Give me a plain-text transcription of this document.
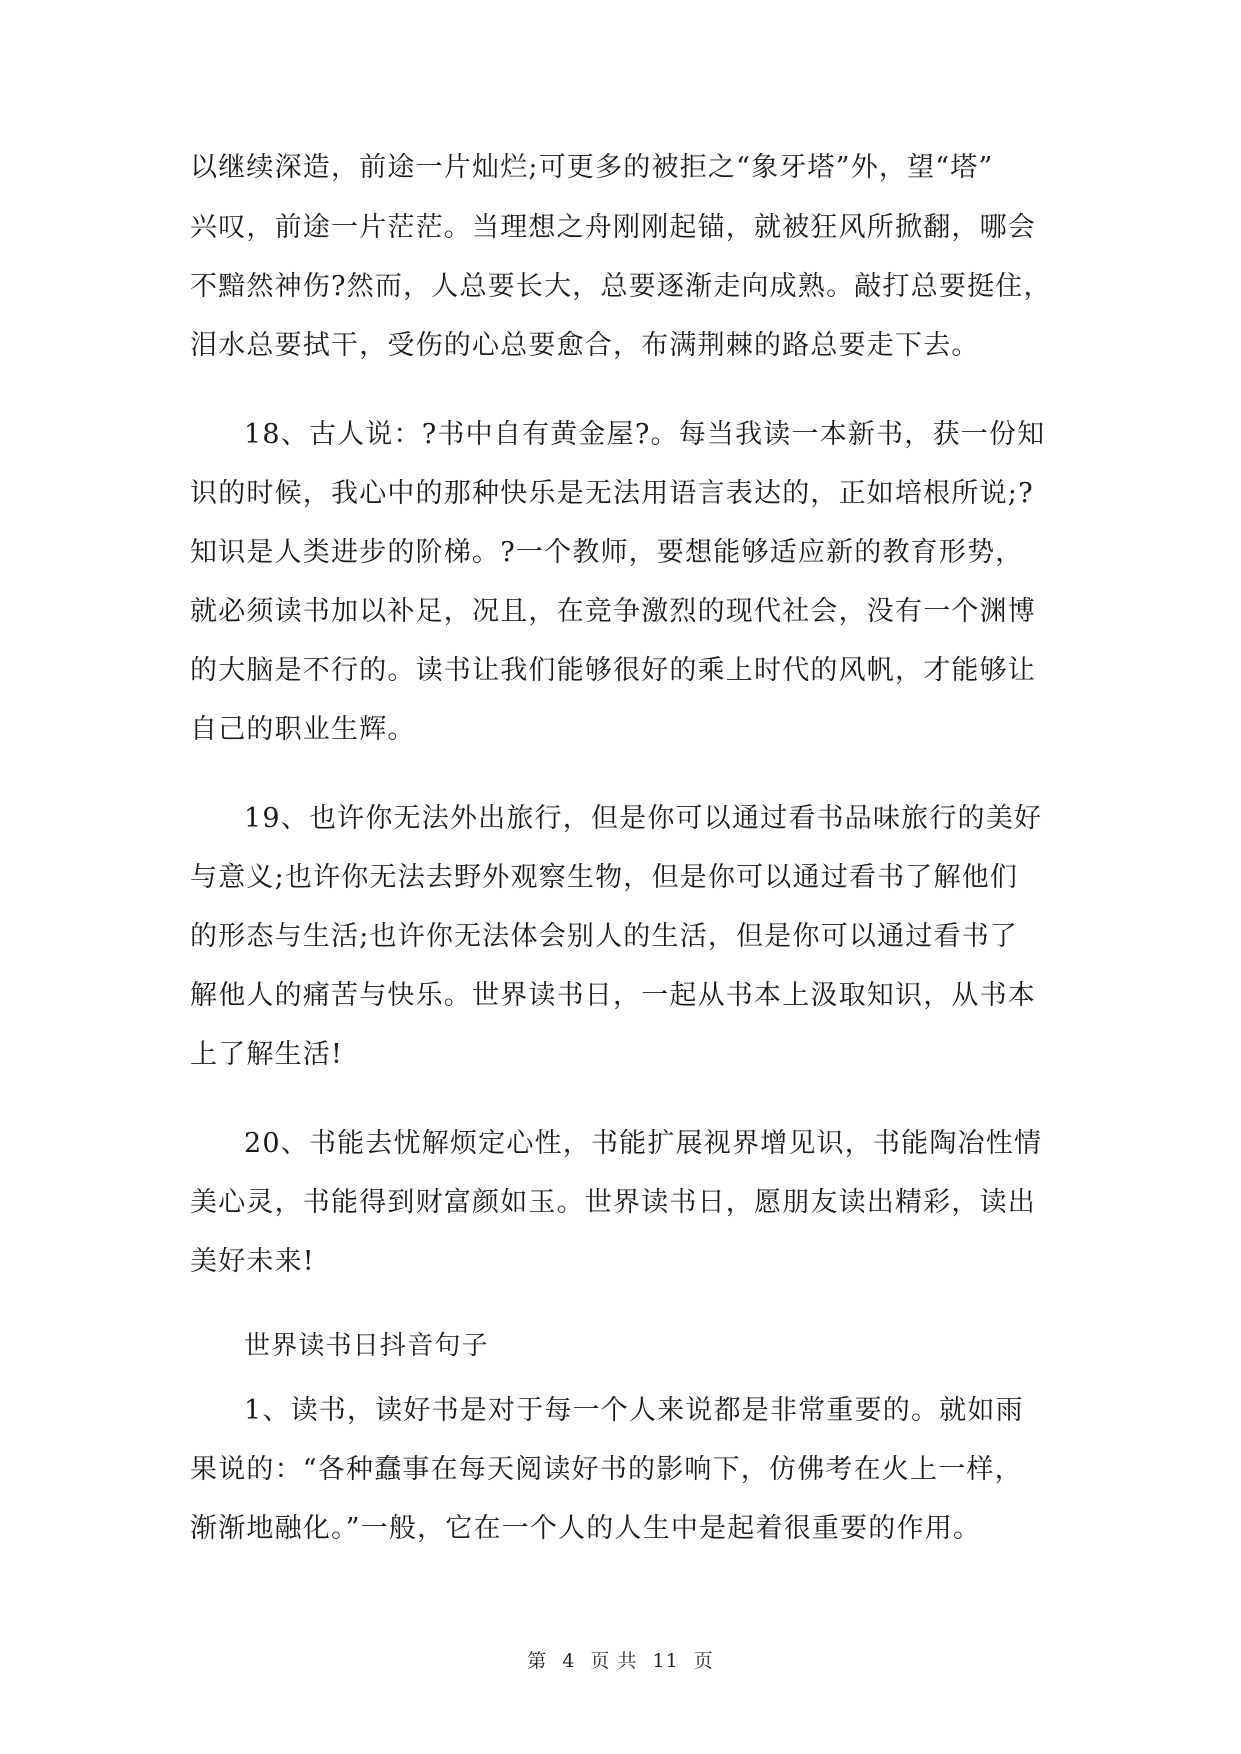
以继续深造，前途一片灿烂;可更多的被拒之“象牙塔”外，望“塔”
兴叹，前途一片茫茫。当理想之舟刚刚起锚，就被狂风所掀翻，哪会
不黯然神伤?然而，人总要长大，总要逐渐走向成熟。敲打总要挺住，
泪水总要拭干，受伤的心总要愈合，布满荆棘的路总要走下去。
18、古人说：?书中自有黄金屋?。每当我读一本新书，获一份知
识的时候，我心中的那种快乐是无法用语言表达的，正如培根所说;?
知识是人类进步的阶梯。?一个教师，要想能够适应新的教育形势，
就必须读书加以补足，况且，在竞争激烈的现代社会，没有一个渊博
的大脑是不行的。读书让我们能够很好的乘上时代的风帆，才能够让
自己的职业生辉。
19、也许你无法外出旅行，但是你可以通过看书品味旅行的美好
与意义;也许你无法去野外观察生物，但是你可以通过看书了解他们
的形态与生活;也许你无法体会别人的生活，但是你可以通过看书了
解他人的痛苦与快乐。世界读书日，一起从书本上汲取知识，从书本
上了解生活!
20、书能去忧解烦定心性，书能扩展视界增见识，书能陶冶性情
美心灵，书能得到财富颜如玉。世界读书日，愿朋友读出精彩，读出
美好未来!
世界读书日抖音句子
1、读书，读好书是对于每一个人来说都是非常重要的。就如雨
果说的：“各种蠢事在每天阅读好书的影响下，仿佛考在火上一样，
渐渐地融化。”一般，它在一个人的人生中是起着很重要的作用。
第 4 页 共 11 页
